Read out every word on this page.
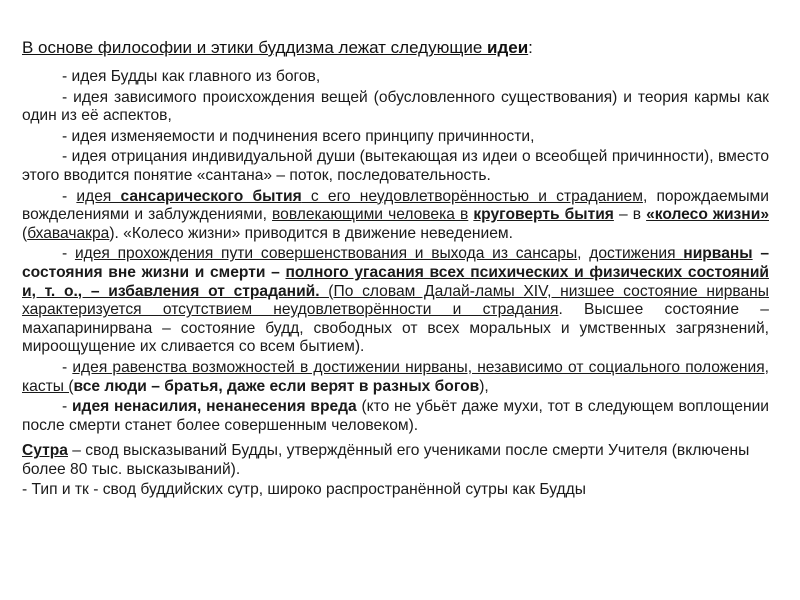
В основе философии и этики буддизма лежат следующие идеи:

- идея Будды как главного из богов,

- идея зависимого происхождения вещей (обусловленного существования) и теория кармы как один из её аспектов,

- идея изменяемости и подчинения всего принципу причинности,

- идея отрицания индивидуальной души (вытекающая из идеи о всеобщей причинности), вместо этого вводится понятие «сантана» – поток, последовательность.

- идея сансарического бытия с его неудовлетворённостью и страданием, порождаемыми вожделениями и заблуждениями, вовлекающими человека в круговерть бытия – в «колесо жизни» (бхавачакра). «Колесо жизни» приводится в движение неведением.

- идея прохождения пути совершенствования и выхода из сансары, достижения нирваны – состояния вне жизни и смерти – полного угасания всех психических и физических состояний и, т. о., – избавления от страданий. (По словам Далай-ламы XIV, низшее состояние нирваны характеризуется отсутствием неудовлетворённости и страдания. Высшее состояние – махапаринирвана – состояние будд, свободных от всех моральных и умственных загрязнений, мироощущение их сливается со всем бытием).

- идея равенства возможностей в достижении нирваны, независимо от социального положения, касты (все люди – братья, даже если верят в разных богов),

- идея ненасилия, ненанесения вреда (кто не убьёт даже мухи, тот в следующем воплощении после смерти станет более совершенным человеком).

Сутра – свод высказываний Будды, утверждённый его учениками после смерти Учителя (включены более 80 тыс. высказываний).

- Тип и тк - свод буддийских сутр, широко распространённой сутры как Будды
